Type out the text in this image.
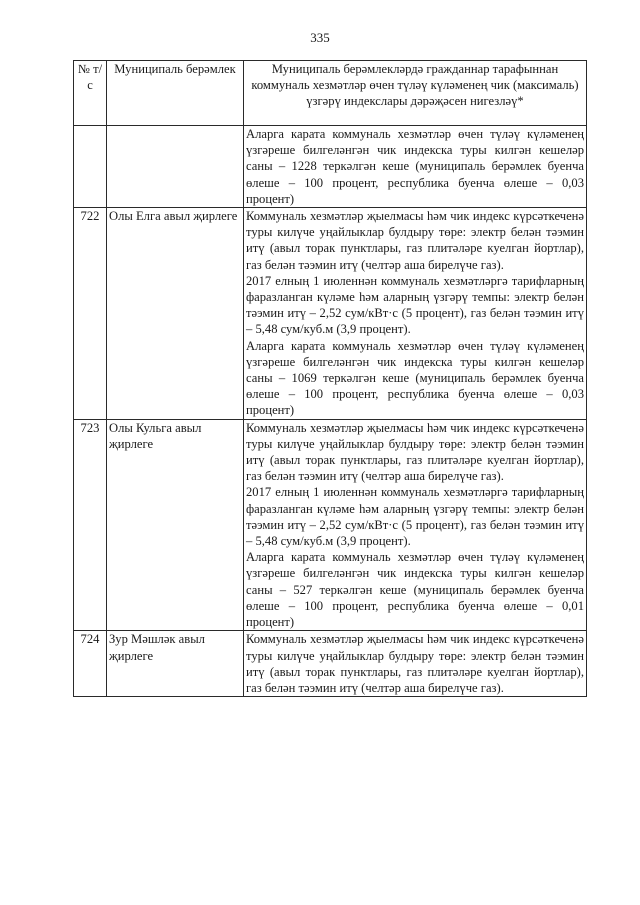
335
№ т/с	Муниципаль берәмлек	Муниципаль берәмлекләрдә гражданнар тарафыннан коммуналь хезмәтләр өчен түләү күләменең чик (максималь) үзгәрү индекслары дәрәҗәсен нигезләү*

		Аларга карата коммуналь хезмәтләр өчен түләү күләменең үзгәреше билгеләнгән чик индекска туры килгән кешеләр саны – 1228 теркәлгән кеше (муниципаль берәмлек буенча өлеше – 100 процент, республика буенча өлеше – 0,03 процент)

722	Олы Елга авыл җирлеге	Коммуналь хезмәтләр җыелмасы һәм чик индекс күрсәткеченә туры килүче уңайлыклар булдыру төре: электр белән тәэмин итү (авыл торак пунктлары, газ плитәләре куелган йортлар), газ белән тәэмин итү (челтәр аша бирелүче газ).

2017 елның 1 июленнән коммуналь хезмәтләргә тарифларның фаразланган күләме һәм аларның үзгәрү темпы: электр белән тәэмин итү – 2,52 сум/кВт·с (5 процент), газ белән тәэмин итү – 5,48 сум/куб.м (3,9 процент).

Аларга карата коммуналь хезмәтләр өчен түләү күләменең үзгәреше билгеләнгән чик индекска туры килгән кешеләр саны – 1069 теркәлгән кеше (муниципаль берәмлек буенча өлеше – 100 процент, республика буенча өлеше – 0,03 процент)

723	Олы Кульга авыл җирлеге	Коммуналь хезмәтләр җыелмасы һәм чик индекс күрсәткеченә туры килүче уңайлыклар булдыру төре: электр белән тәэмин итү (авыл торак пунктлары, газ плитәләре куелган йортлар), газ белән тәэмин итү (челтәр аша бирелүче газ).

2017 елның 1 июленнән коммуналь хезмәтләргә тарифларның фаразланган күләме һәм аларның үзгәрү темпы: электр белән тәэмин итү – 2,52 сум/кВт·с (5 процент), газ белән тәэмин итү – 5,48 сум/куб.м (3,9 процент).

Аларга карата коммуналь хезмәтләр өчен түләү күләменең үзгәреше билгеләнгән чик индекска туры килгән кешеләр саны – 527 теркәлгән кеше (муниципаль берәмлек буенча өлеше – 100 процент, республика буенча өлеше – 0,01 процент)

724	Зур Мәшләк авыл җирлеге	Коммуналь хезмәтләр җыелмасы һәм чик индекс күрсәткеченә туры килүче уңайлыклар булдыру төре: электр белән тәэмин итү (авыл торак пунктлары, газ плитәләре куелган йортлар), газ белән тәэмин итү (челтәр аша бирелүче газ).
